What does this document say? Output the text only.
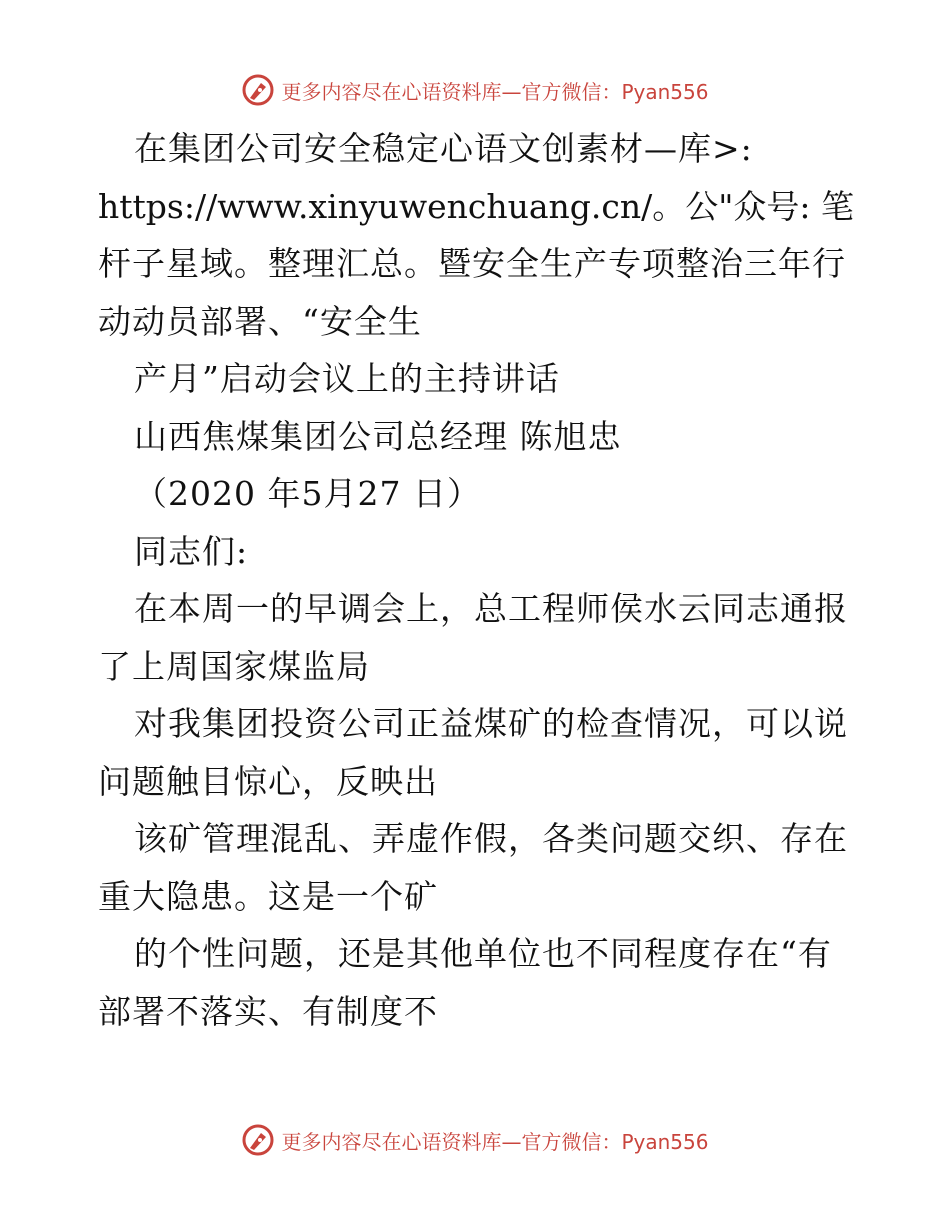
更多内容尽在心语资料库—官方微信：Pyan556
在集团公司安全稳定心语文创素材—库>:
https://www.xinyuwenchuang.cn/。公"众号: 笔
杆子星域。整理汇总。暨安全生产专项整治三年行
动动员部署、“安全生
产月”启动会议上的主持讲话
山西焦煤集团公司总经理 陈旭忠
（2020 年5月27 日）
同志们:
在本周一的早调会上，总工程师侯水云同志通报
了上周国家煤监局
对我集团投资公司正益煤矿的检查情况，可以说
问题触目惊心，反映出
该矿管理混乱、弄虚作假，各类问题交织、存在
重大隐患。这是一个矿
的个性问题，还是其他单位也不同程度存在“有
部署不落实、有制度不
更多内容尽在心语资料库—官方微信：Pyan556
